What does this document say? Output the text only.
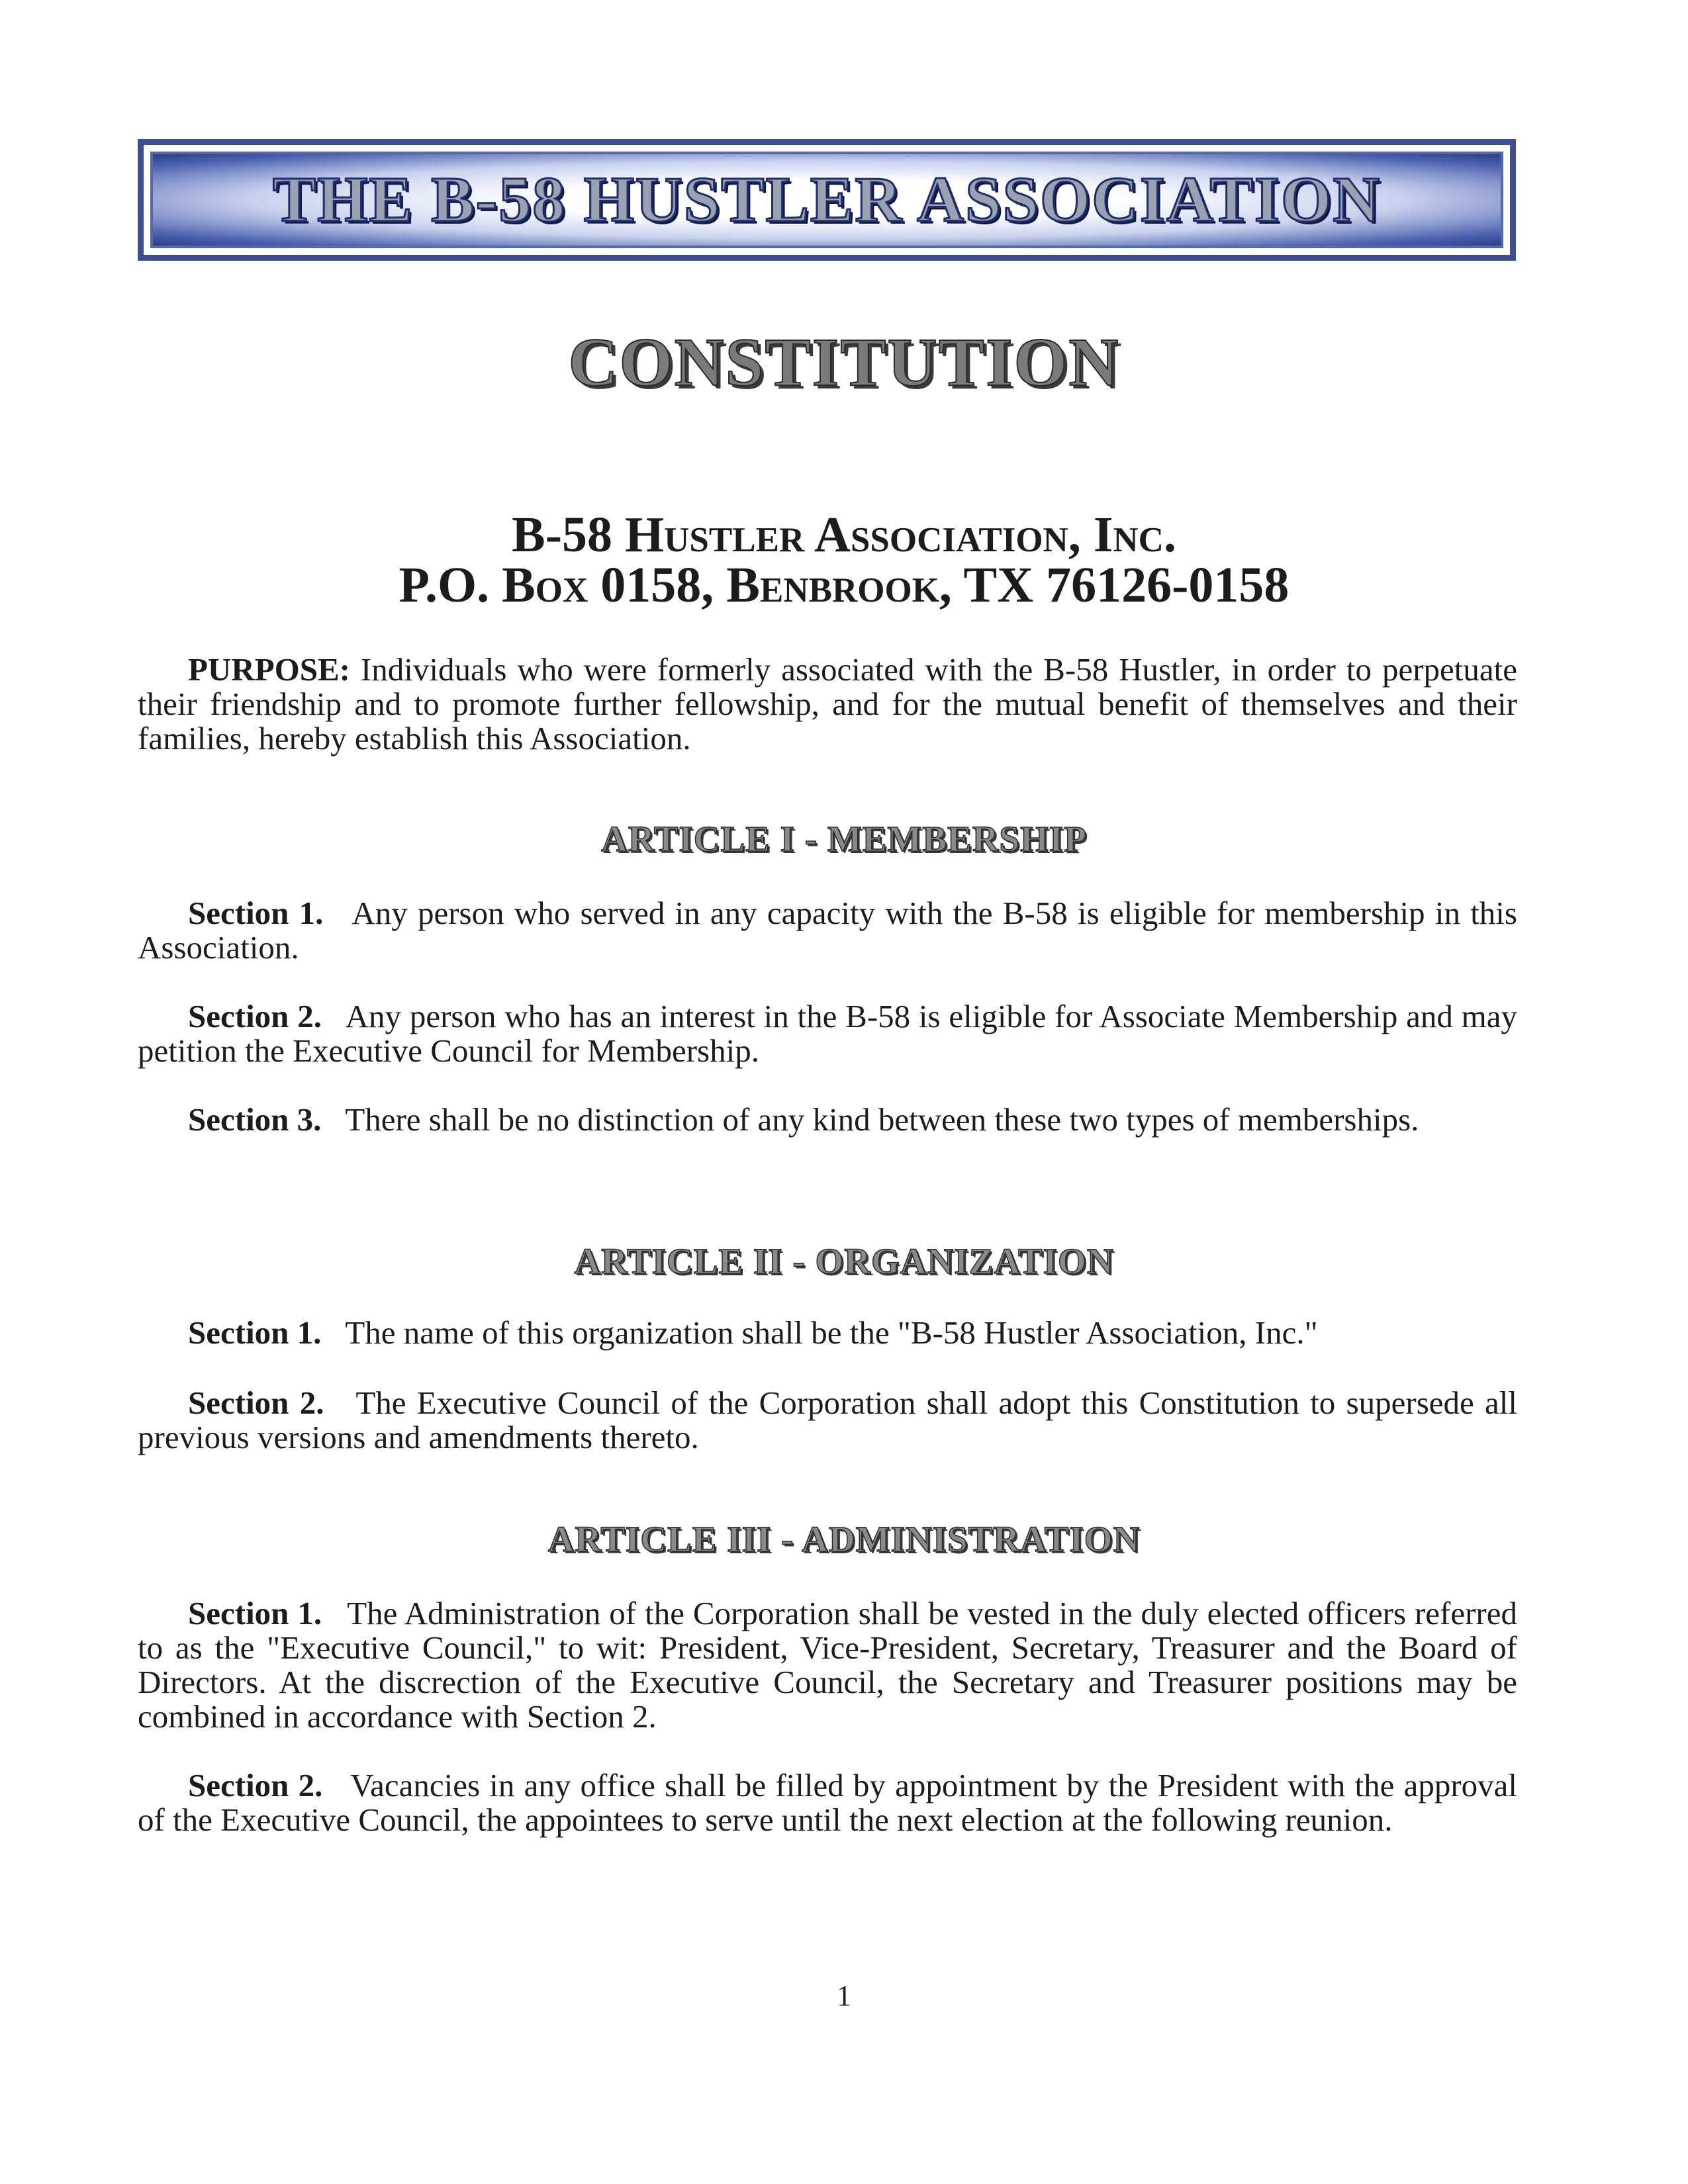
THE B-58 HUSTLER ASSOCIATION
CONSTITUTION
B-58 Hustler Association, Inc.
P.O. Box 0158, Benbrook, TX 76126-0158
PURPOSE: Individuals who were formerly associated with the B-58 Hustler, in order to perpetuate their friendship and to promote further fellowship, and for the mutual benefit of themselves and their families, hereby establish this Association.
ARTICLE I - MEMBERSHIP
Section 1. Any person who served in any capacity with the B-58 is eligible for membership in this Association.
Section 2. Any person who has an interest in the B-58 is eligible for Associate Membership and may petition the Executive Council for Membership.
Section 3. There shall be no distinction of any kind between these two types of memberships.
ARTICLE II - ORGANIZATION
Section 1. The name of this organization shall be the "B-58 Hustler Association, Inc."
Section 2. The Executive Council of the Corporation shall adopt this Constitution to supersede all previous versions and amendments thereto.
ARTICLE III - ADMINISTRATION
Section 1. The Administration of the Corporation shall be vested in the duly elected officers referred to as the "Executive Council," to wit: President, Vice-President, Secretary, Treasurer and the Board of Directors. At the discrection of the Executive Council, the Secretary and Treasurer positions may be combined in accordance with Section 2.
Section 2. Vacancies in any office shall be filled by appointment by the President with the approval of the Executive Council, the appointees to serve until the next election at the following reunion.
1
